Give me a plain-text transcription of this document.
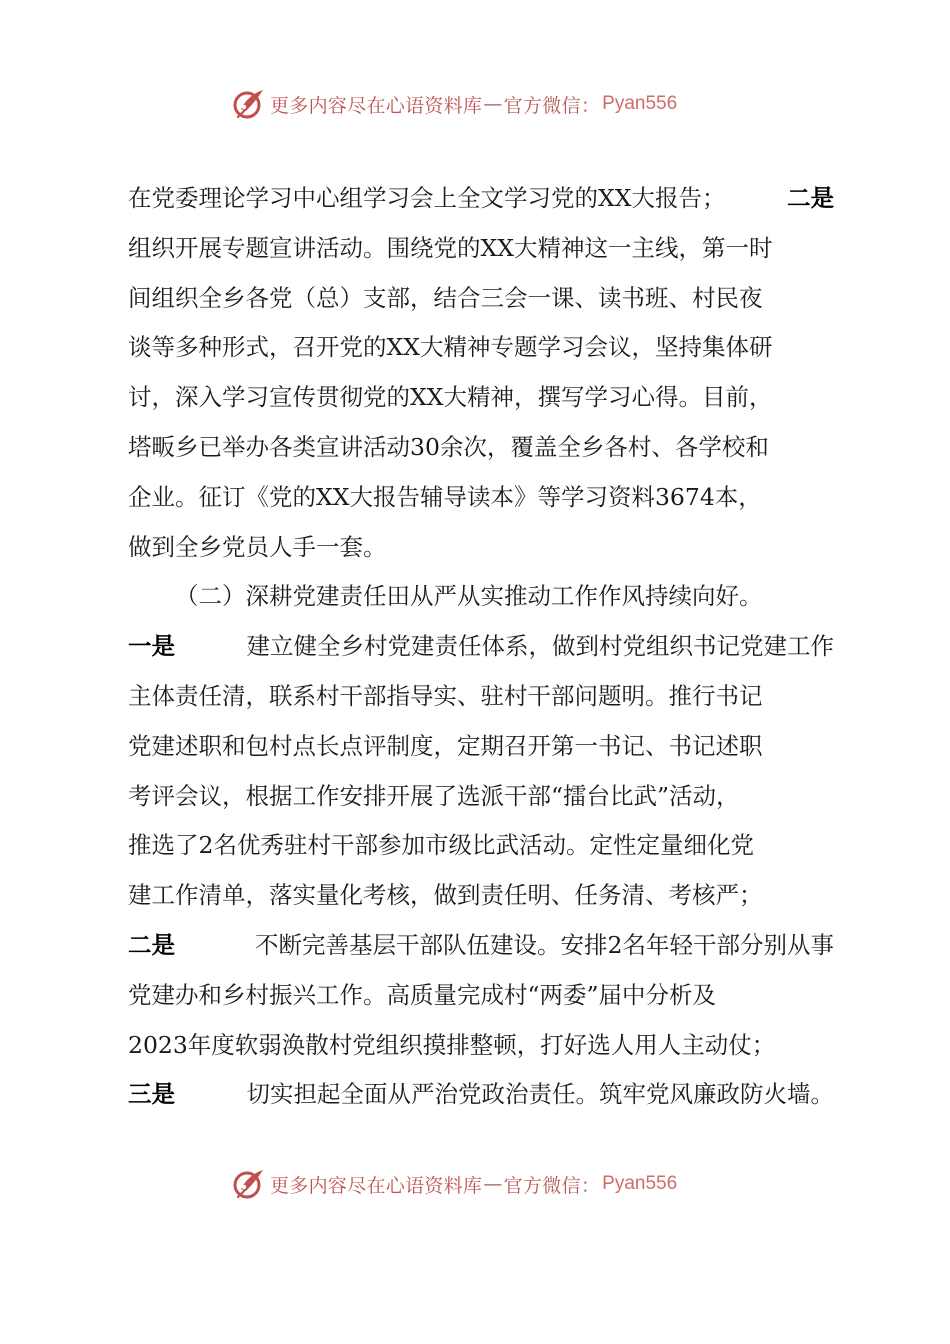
更多内容尽在心语资料库 — 官方微信： Pyan556
在党委理论学习中心组学习会上全文学习党的XX大报告；	二是
组织开展专题宣讲活动。围绕党的XX大精神这一主线，第一时
间组织全乡各党（总）支部，结合三会一课、读书班、村民夜
谈等多种形式，召开党的XX大精神专题学习会议，坚持集体研
讨，深入学习宣传贯彻党的XX大精神，撰写学习心得。目前，
塔畈乡已举办各类宣讲活动30余次，覆盖全乡各村、各学校和
企业。征订《党的XX大报告辅导读本》等学习资料3674本，
做到全乡党员人手一套。
（二）深耕党建责任田从严从实推动工作作风持续向好。
一是	建立健全乡村党建责任体系，做到村党组织书记党建工作
主体责任清，联系村干部指导实、驻村干部问题明。推行书记
党建述职和包村点长点评制度，定期召开第一书记、书记述职
考评会议，根据工作安排开展了选派干部“擂台比武”活动，
推选了2名优秀驻村干部参加市级比武活动。定性定量细化党
建工作清单，落实量化考核，做到责任明、任务清、考核严；
二是	不断完善基层干部队伍建设。安排2名年轻干部分别从事
党建办和乡村振兴工作。高质量完成村“两委”届中分析及
2023年度软弱涣散村党组织摸排整顿，打好选人用人主动仗；
三是	切实担起全面从严治党政治责任。筑牢党风廉政防火墙。
更多内容尽在心语资料库 — 官方微信： Pyan556
